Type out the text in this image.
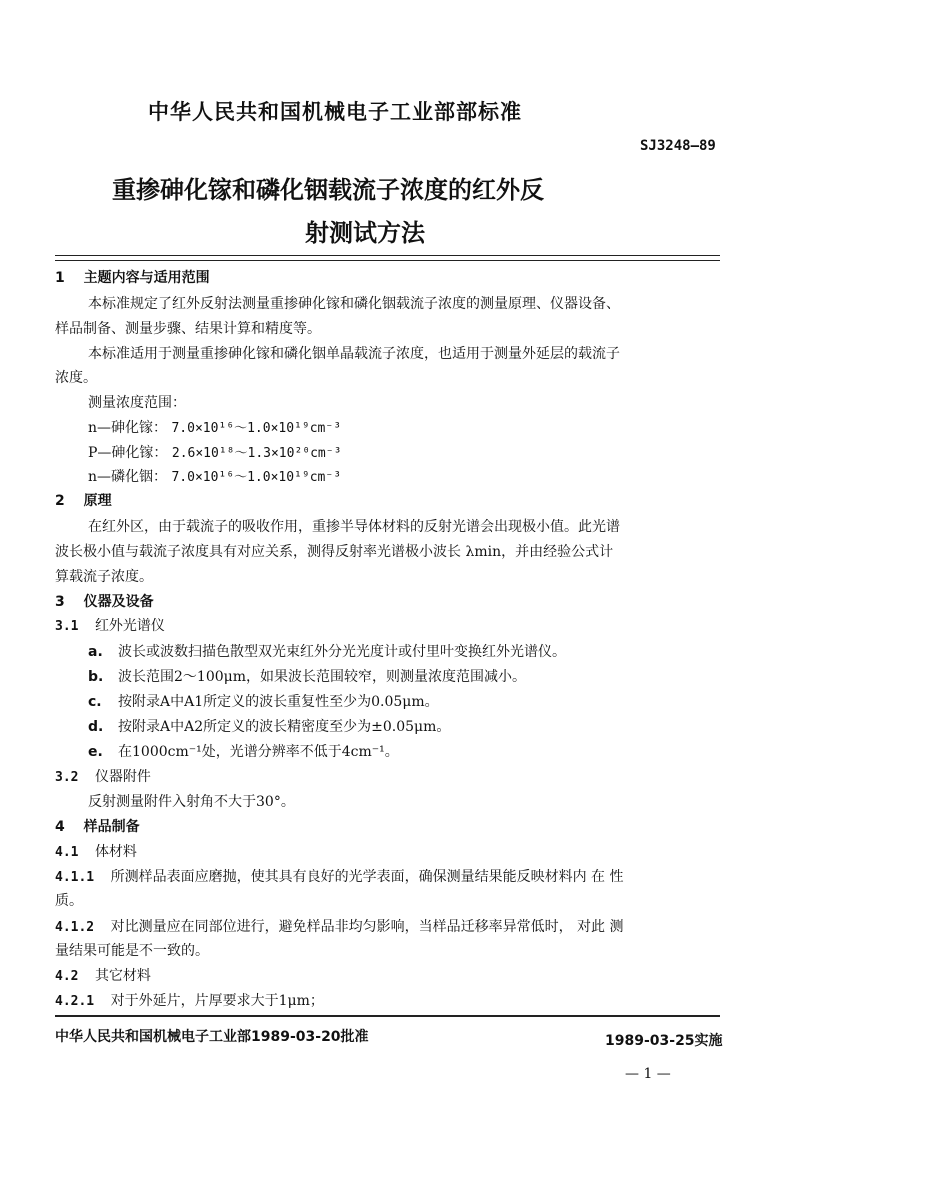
中华人民共和国机械电子工业部部标准
SJ3248—89
重掺砷化镓和磷化铟载流子浓度的红外反
射测试方法
1 主题内容与适用范围
本标准规定了红外反射法测量重掺砷化镓和磷化铟载流子浓度的测量原理、仪器设备、
样品制备、测量步骤、结果计算和精度等。
本标准适用于测量重掺砷化镓和磷化铟单晶载流子浓度，也适用于测量外延层的载流子
浓度。
测量浓度范围：
n—砷化镓： 7.0×10¹⁶～1.0×10¹⁹cm⁻³
P—砷化镓： 2.6×10¹⁸～1.3×10²⁰cm⁻³
n—磷化铟： 7.0×10¹⁶～1.0×10¹⁹cm⁻³
2 原理
在红外区，由于载流子的吸收作用，重掺半导体材料的反射光谱会出现极小值。此光谱
波长极小值与载流子浓度具有对应关系，测得反射率光谱极小波长 λmin，并由经验公式计
算载流子浓度。
3 仪器及设备
3.1 红外光谱仪
a. 波长或波数扫描色散型双光束红外分光光度计或付里叶变换红外光谱仪。
b. 波长范围2～100μm，如果波长范围较窄，则测量浓度范围减小。
c. 按附录A中A1所定义的波长重复性至少为0.05μm。
d. 按附录A中A2所定义的波长精密度至少为±0.05μm。
e. 在1000cm⁻¹处，光谱分辨率不低于4cm⁻¹。
3.2 仪器附件
反射测量附件入射角不大于30°。
4 样品制备
4.1 体材料
4.1.1 所测样品表面应磨抛，使其具有良好的光学表面，确保测量结果能反映材料内 在 性
质。
4.1.2 对比测量应在同部位进行，避免样品非均匀影响，当样品迁移率异常低时， 对此 测
量结果可能是不一致的。
4.2 其它材料
4.2.1 对于外延片，片厚要求大于1μm；
中华人民共和国机械电子工业部1989-03-20批准	1989-03-25实施
— 1 —
